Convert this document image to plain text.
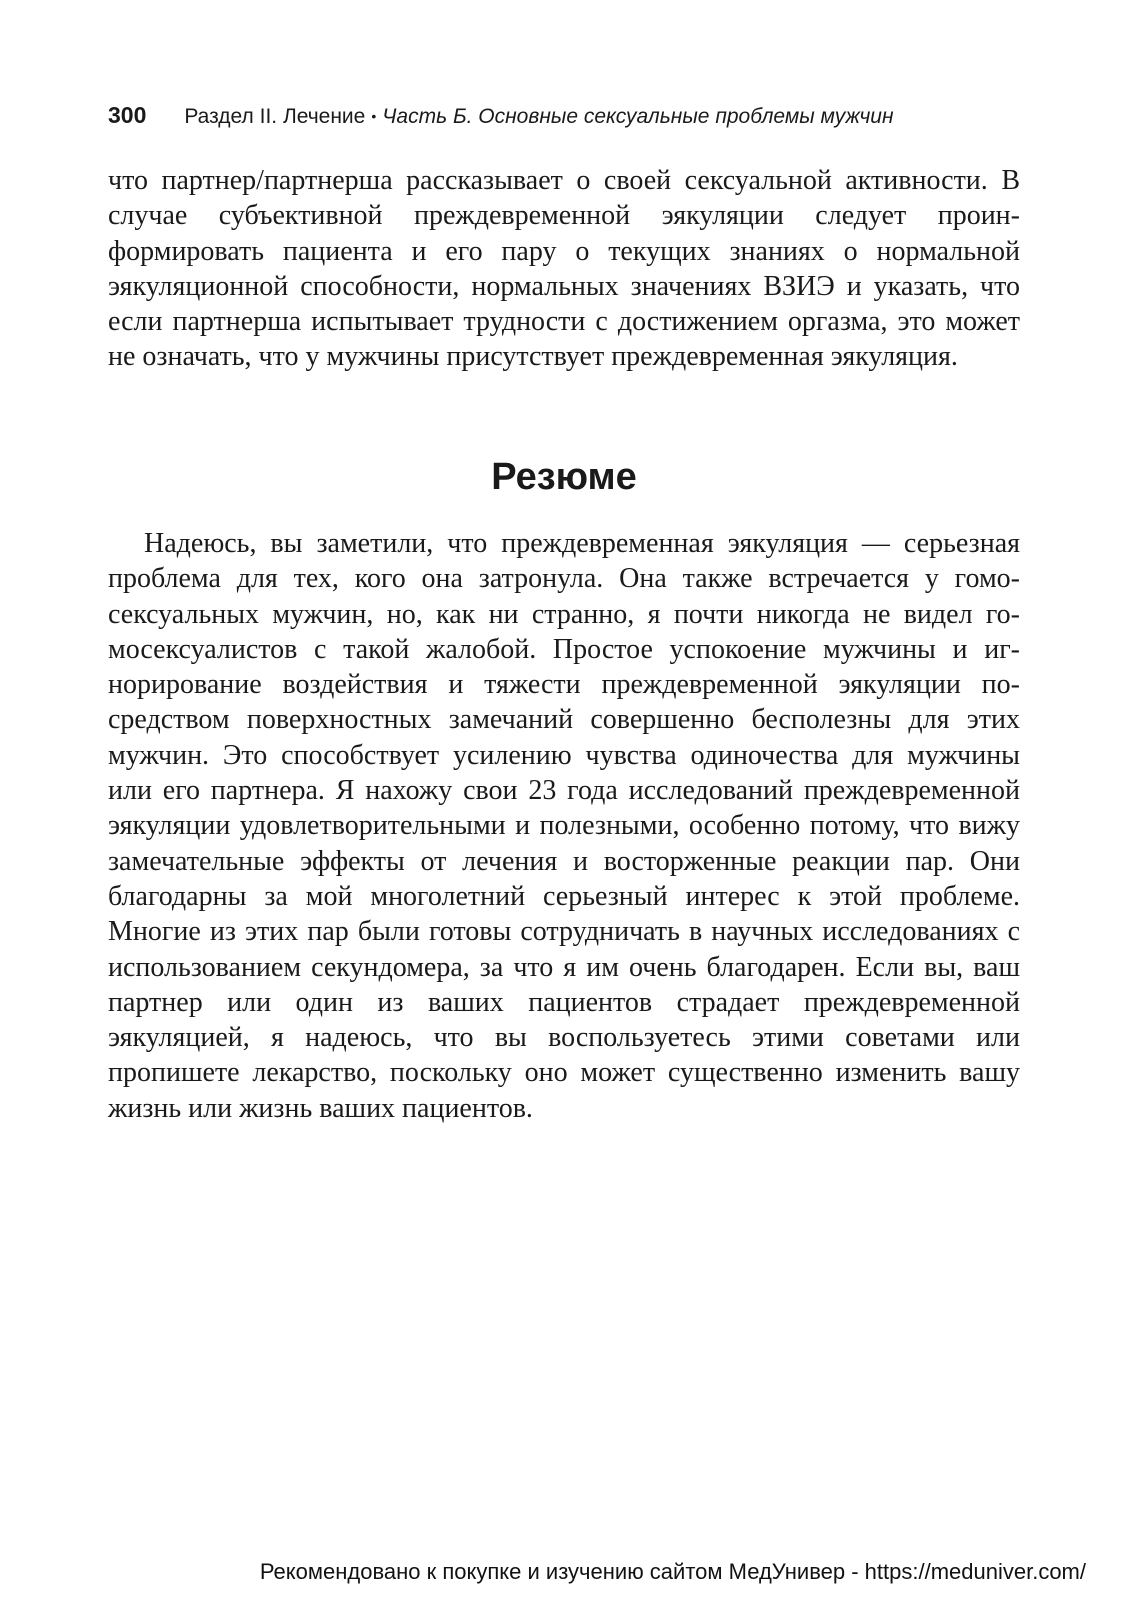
300 Раздел II. Лечение • Часть Б. Основные сексуальные проблемы мужчин

что партнер/партнерша рассказывает о своей сексуальной активности. В случае субъективной преждевременной эякуляции следует проинформировать пациента и его пару о текущих знаниях о нормальной эякуляционной способности, нормальных значениях ВЗИЭ и указать, что если партнерша испытывает трудности с достижением оргазма, это может не означать, что у мужчины присутствует преждевременная эякуляция.

Резюме

Надеюсь, вы заметили, что преждевременная эякуляция — серьезная проблема для тех, кого она затронула. Она также встречается у гомосексуальных мужчин, но, как ни странно, я почти никогда не видел гомосексуалистов с такой жалобой. Простое успокоение мужчины и игнорирование воздействия и тяжести преждевременной эякуляции посредством поверхностных замечаний совершенно бесполезны для этих мужчин. Это способствует усилению чувства одиночества для мужчины или его партнера. Я нахожу свои 23 года исследований преждевременной эякуляции удовлетворительными и полезными, особенно потому, что вижу замечательные эффекты от лечения и восторженные реакции пар. Они благодарны за мой многолетний серьезный интерес к этой проблеме. Многие из этих пар были готовы сотрудничать в научных исследованиях с использованием секундомера, за что я им очень благодарен. Если вы, ваш партнер или один из ваших пациентов страдает преждевременной эякуляцией, я надеюсь, что вы воспользуетесь этими советами или пропишете лекарство, поскольку оно может существенно изменить вашу жизнь или жизнь ваших пациентов.

Рекомендовано к покупке и изучению сайтом МедУнивер - https://meduniver.com/
